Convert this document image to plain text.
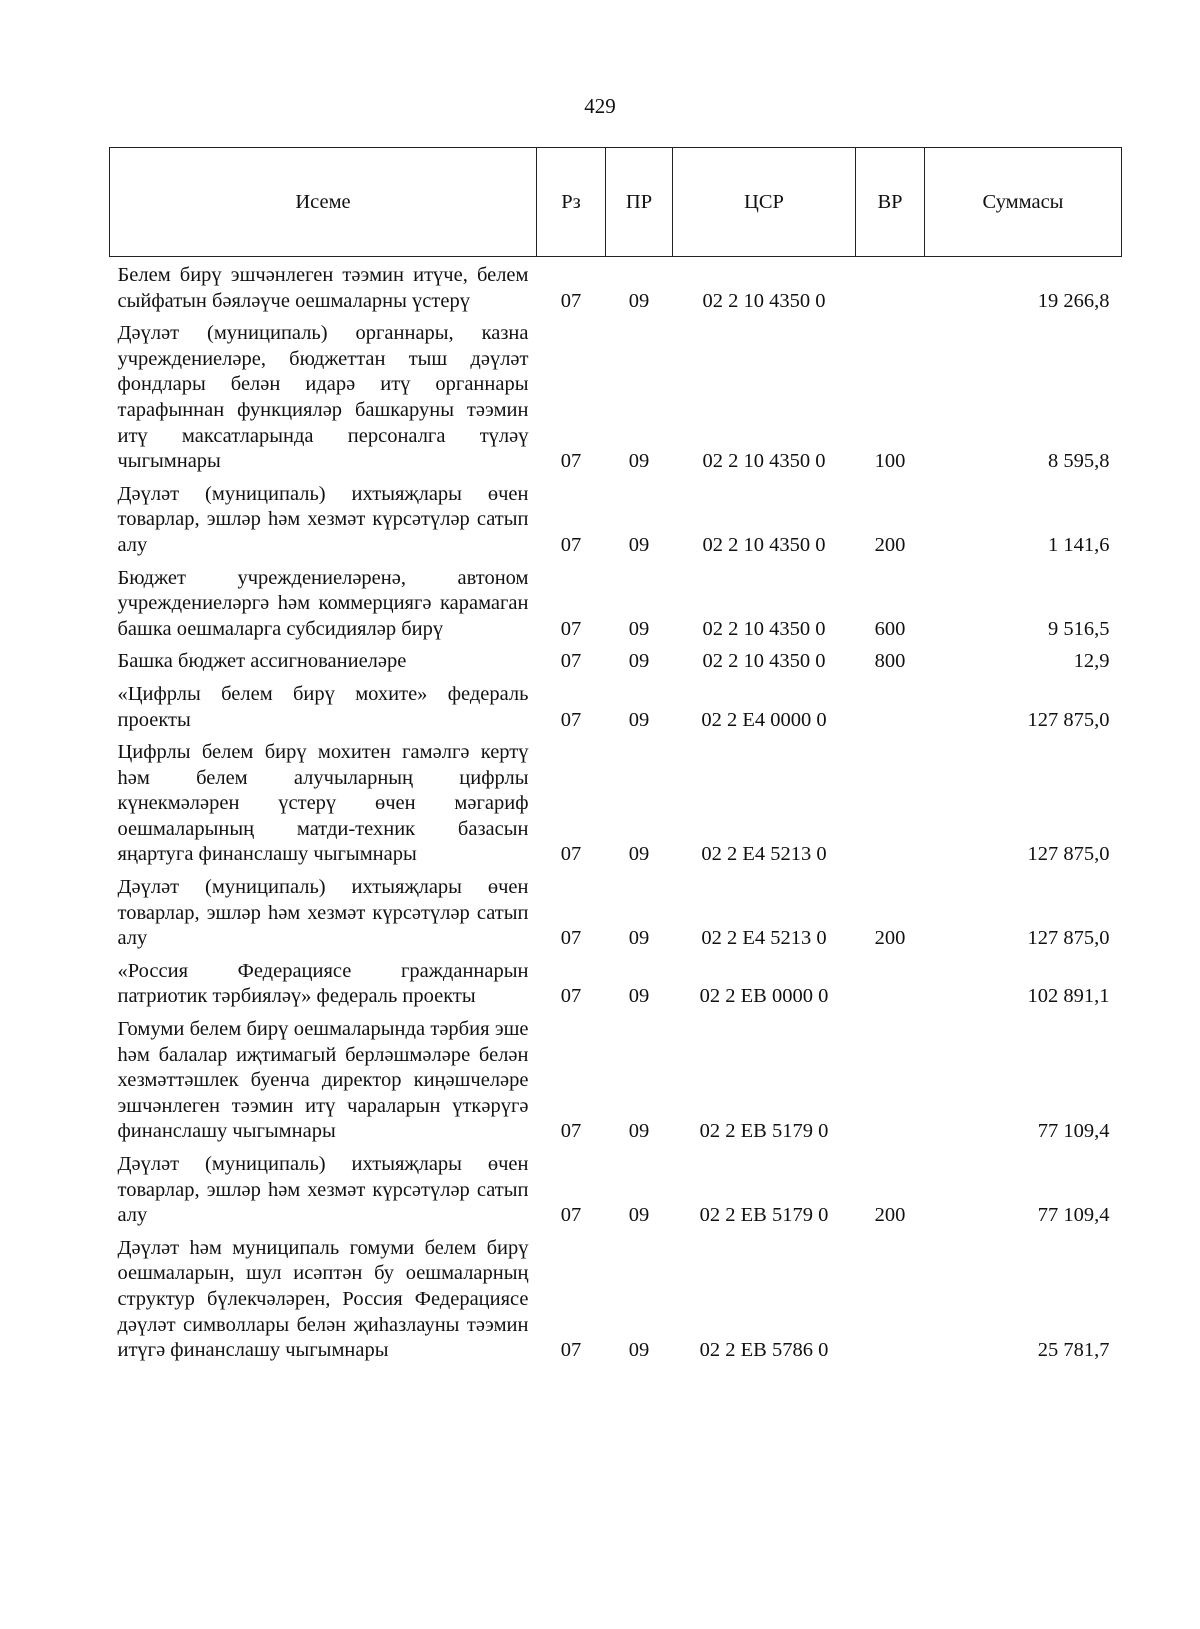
429
Исеме	Рз	ПР	ЦСР	ВР	Суммасы
Белем бирү эшчәнлеген тәэмин итүче, белем сыйфатын бәяләүче оешмаларны үстерү	07	09	02 2 10 4350 0		19 266,8
Дәүләт (муниципаль) органнары, казна учреждениеләре, бюджеттан тыш дәүләт фондлары белән идарә итү органнары тарафыннан функцияләр башкаруны тәэмин итү максатларында персоналга түләү чыгымнары	07	09	02 2 10 4350 0	100	8 595,8
Дәүләт (муниципаль) ихтыяҗлары өчен товарлар, эшләр һәм хезмәт күрсәтүләр сатып алу	07	09	02 2 10 4350 0	200	1 141,6
Бюджет учреждениеләренә, автоном учреждениеләргә һәм коммерциягә карамаган башка оешмаларга субсидияләр бирү	07	09	02 2 10 4350 0	600	9 516,5
Башка бюджет ассигнованиеләре	07	09	02 2 10 4350 0	800	12,9
«Цифрлы белем бирү мохите» федераль проекты	07	09	02 2 E4 0000 0		127 875,0
Цифрлы белем бирү мохитен гамәлгә кертү һәм белем алучыларның цифрлы күнекмәләрен үстерү өчен мәгариф оешмаларының матди-техник базасын яңартуга финанслашу чыгымнары	07	09	02 2 E4 5213 0		127 875,0
Дәүләт (муниципаль) ихтыяҗлары өчен товарлар, эшләр һәм хезмәт күрсәтүләр сатып алу	07	09	02 2 E4 5213 0	200	127 875,0
«Россия Федерациясе гражданнарын патриотик тәрбияләү» федераль проекты	07	09	02 2 EB 0000 0		102 891,1
Гомуми белем бирү оешмаларында тәрбия эше һәм балалар иҗтимагый берләшмәләре белән хезмәттәшлек буенча директор киңәшчеләре эшчәнлеген тәэмин итү чараларын үткәрүгә финанслашу чыгымнары	07	09	02 2 EB 5179 0		77 109,4
Дәүләт (муниципаль) ихтыяҗлары өчен товарлар, эшләр һәм хезмәт күрсәтүләр сатып алу	07	09	02 2 EB 5179 0	200	77 109,4
Дәүләт һәм муниципаль гомуми белем бирү оешмаларын, шул исәптән бу оешмаларның структур бүлекчәләрен, Россия Федерациясе дәүләт символлары белән җиһазлауны тәэмин итүгә финанслашу чыгымнары	07	09	02 2 EB 5786 0		25 781,7
